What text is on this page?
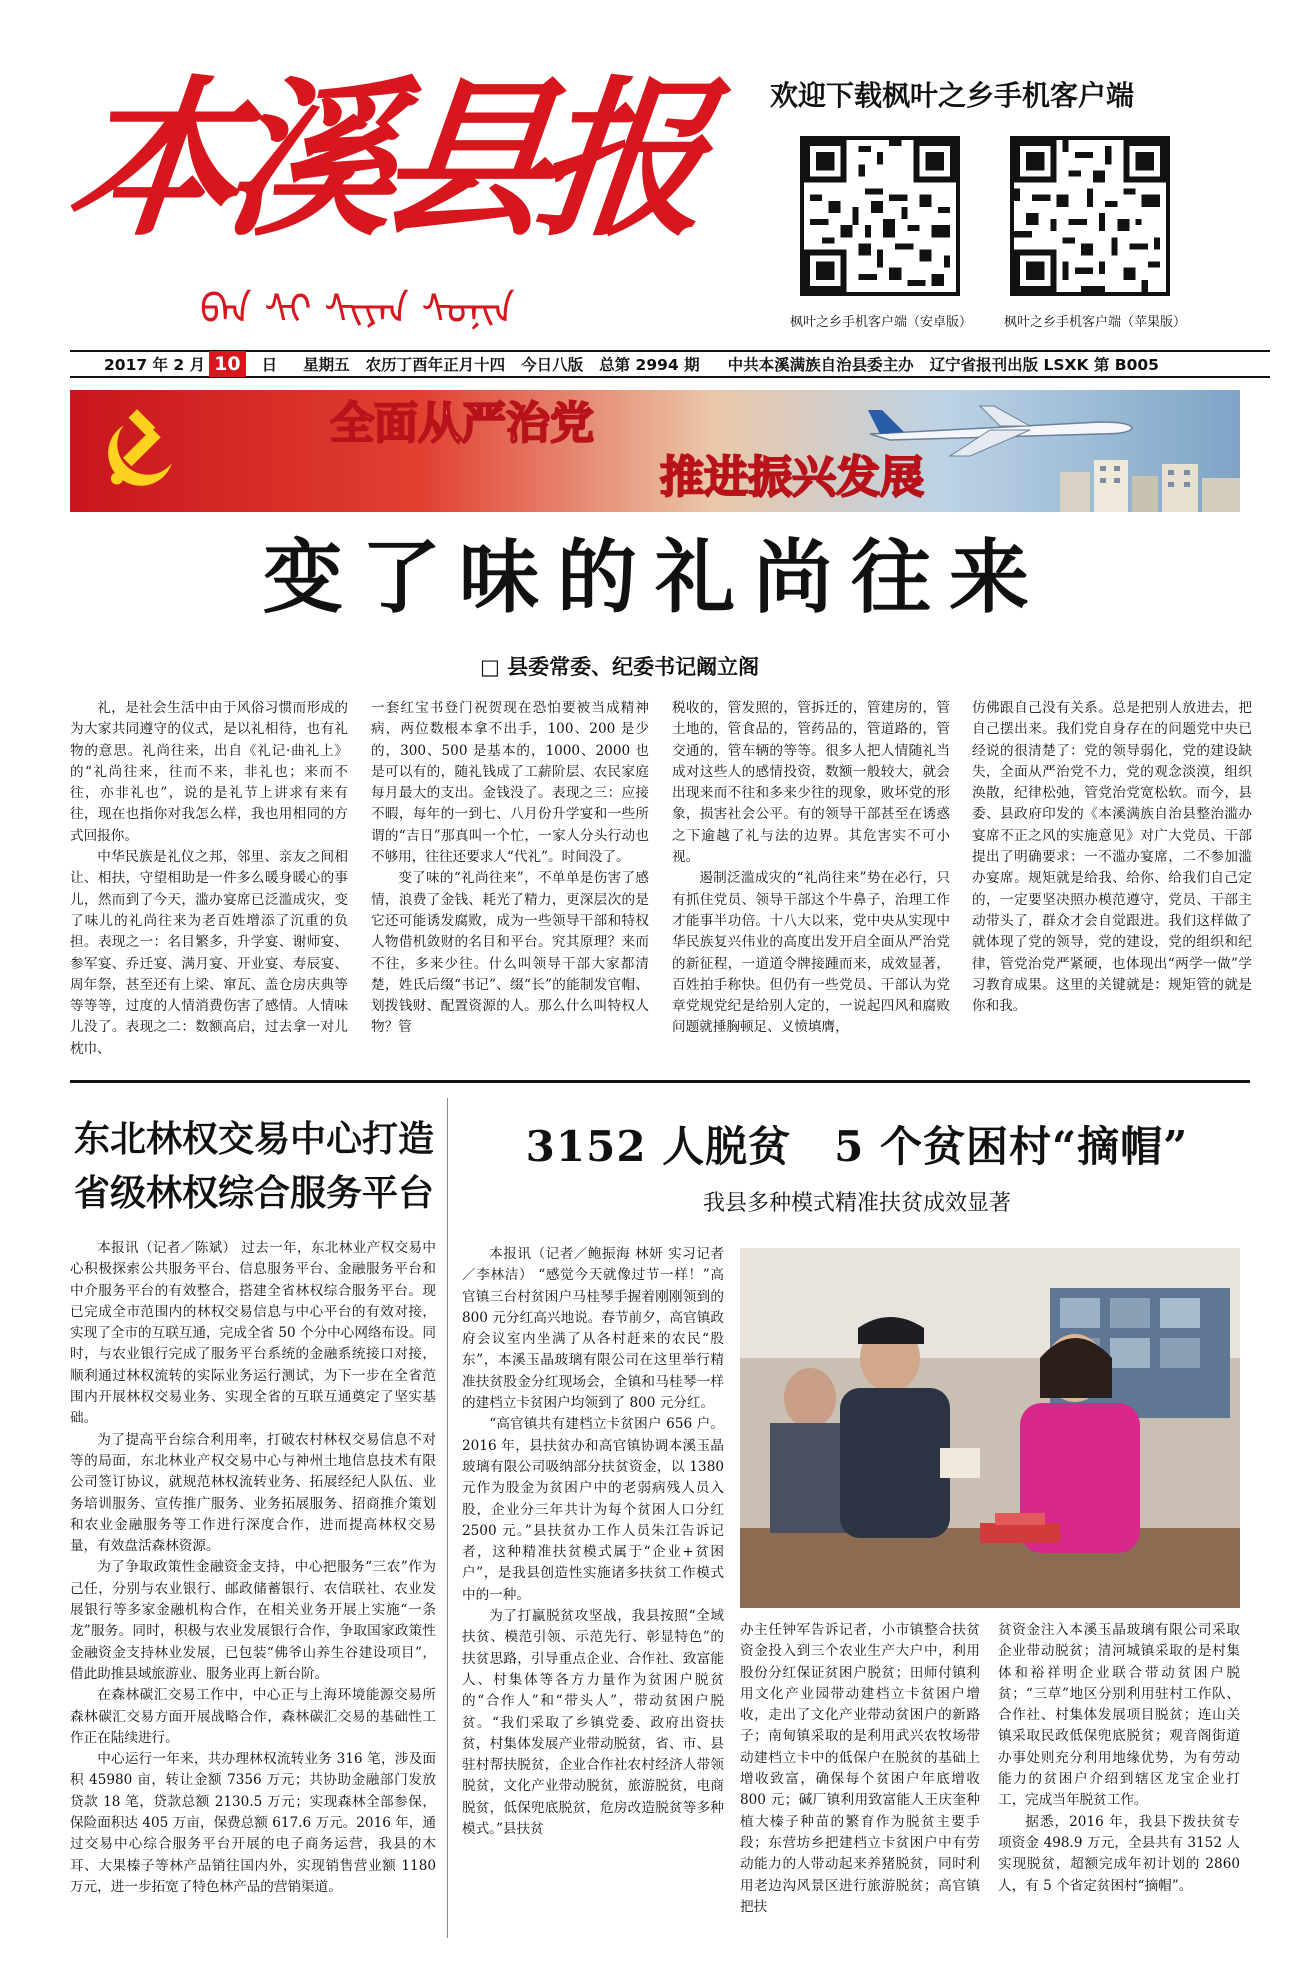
本溪县报
ᠪᠡᠨ ᠰᠢ ᠰᠢᠶᠠᠨ ᠰᠣᠨᠢᠨ
欢迎下载枫叶之乡手机客户端
枫叶之乡手机客户端（安卓版） 枫叶之乡手机客户端（苹果版）
2017 年 2 月 10	日 星期五 农历丁酉年正月十四 今日八版 总第 2994 期 中共本溪满族自治县委主办 辽宁省报刊出版 LSXK 第 B005
全面从严治党
推进振兴发展
变了味的礼尚往来
□ 县委常委、纪委书记阚立阁

礼，是社会生活中由于风俗习惯而形成的为大家共同遵守的仪式，是以礼相待，也有礼物的意思。礼尚往来，出自《礼记·曲礼上》的“礼尚往来，往而不来，非礼也；来而不往，亦非礼也”，说的是礼节上讲求有来有往，现在也指你对我怎么样，我也用相同的方式回报你。

中华民族是礼仪之邦，邻里、亲友之间相让、相扶，守望相助是一件多么暖身暖心的事儿，然而到了今天，滥办宴席已泛滥成灾，变了味儿的礼尚往来为老百姓增添了沉重的负担。表现之一：名目繁多，升学宴、谢师宴、参军宴、乔迁宴、满月宴、开业宴、寿辰宴、周年祭，甚至还有上梁、窜瓦、盖仓房庆典等等等等，过度的人情消费伤害了感情。人情味儿没了。表现之二：数额高启，过去拿一对儿枕巾、

一套红宝书登门祝贺现在恐怕要被当成精神病，两位数根本拿不出手，100、200 是少的，300、500 是基本的，1000、2000 也是可以有的，随礼钱成了工薪阶层、农民家庭每月最大的支出。金钱没了。表现之三：应接不暇，每年的一到七、八月份升学宴和一些所谓的“吉日”那真叫一个忙，一家人分头行动也不够用，往往还要求人“代礼”。时间没了。

变了味的“礼尚往来”，不单单是伤害了感情，浪费了金钱、耗光了精力，更深层次的是它还可能诱发腐败，成为一些领导干部和特权人物借机敛财的名目和平台。究其原理？来而不往，多来少往。什么叫领导干部大家都清楚，姓氏后缀“书记”、缀“长”的能制发官帽、划拨钱财、配置资源的人。那么什么叫特权人物？管

税收的，管发照的，管拆迁的，管建房的，管土地的，管食品的，管药品的，管道路的，管交通的，管车辆的等等。很多人把人情随礼当成对这些人的感情投资，数额一般较大，就会出现来而不往和多来少往的现象，败坏党的形象，损害社会公平。有的领导干部甚至在诱惑之下逾越了礼与法的边界。其危害实不可小视。

遏制泛滥成灾的“礼尚往来”势在必行，只有抓住党员、领导干部这个牛鼻子，治理工作才能事半功倍。十八大以来，党中央从实现中华民族复兴伟业的高度出发开启全面从严治党的新征程，一道道令牌接踵而来，成效显著，百姓拍手称快。但仍有一些党员、干部认为党章党规党纪是给别人定的，一说起四风和腐败问题就捶胸顿足、义愤填膺，

仿佛跟自己没有关系。总是把别人放进去，把自己摆出来。我们党自身存在的问题党中央已经说的很清楚了：党的领导弱化，党的建设缺失，全面从严治党不力，党的观念淡漠，组织涣散，纪律松弛，管党治党宽松软。而今，县委、县政府印发的《本溪满族自治县整治滥办宴席不正之风的实施意见》对广大党员、干部提出了明确要求：一不滥办宴席，二不参加滥办宴席。规矩就是给我、给你、给我们自己定的，一定要坚决照办模范遵守，党员、干部主动带头了，群众才会自觉跟进。我们这样做了就体现了党的领导，党的建设，党的组织和纪律，管党治党严紧硬，也体现出“两学一做”学习教育成果。这里的关键就是：规矩管的就是你和我。

东北林权交易中心打造省级林权综合服务平台

本报讯（记者／陈斌） 过去一年，东北林业产权交易中心积极探索公共服务平台、信息服务平台、金融服务平台和中介服务平台的有效整合，搭建全省林权综合服务平台。现已完成全市范围内的林权交易信息与中心平台的有效对接，实现了全市的互联互通，完成全省 50 个分中心网络布设。同时，与农业银行完成了服务平台系统的金融系统接口对接，顺利通过林权流转的实际业务运行测试，为下一步在全省范围内开展林权交易业务、实现全省的互联互通奠定了坚实基础。

为了提高平台综合利用率，打破农村林权交易信息不对等的局面，东北林业产权交易中心与神州土地信息技术有限公司签订协议，就规范林权流转业务、拓展经纪人队伍、业务培训服务、宣传推广服务、业务拓展服务、招商推介策划和农业金融服务等工作进行深度合作，进而提高林权交易量，有效盘活森林资源。

为了争取政策性金融资金支持，中心把服务“三农”作为己任，分别与农业银行、邮政储蓄银行、农信联社、农业发展银行等多家金融机构合作，在相关业务开展上实施“一条龙”服务。同时，积极与农业发展银行合作，争取国家政策性金融资金支持林业发展，已包装“佛爷山养生谷建设项目”，借此助推县域旅游业、服务业再上新台阶。

在森林碳汇交易工作中，中心正与上海环境能源交易所森林碳汇交易方面开展战略合作，森林碳汇交易的基础性工作正在陆续进行。

中心运行一年来，共办理林权流转业务 316 笔，涉及面积 45980 亩，转让金额 7356 万元；共协助金融部门发放贷款 18 笔，贷款总额 2130.5 万元；实现森林全部参保，保险面积达 405 万亩，保费总额 617.6 万元。2016 年，通过交易中心综合服务平台开展的电子商务运营，我县的木耳、大果榛子等林产品销往国内外，实现销售营业额 1180 万元，进一步拓宽了特色林产品的营销渠道。

3152 人脱贫　5 个贫困村“摘帽”
我县多种模式精准扶贫成效显著

本报讯（记者／鲍振海 林妍 实习记者／李林洁） “感觉今天就像过节一样！”高官镇三台村贫困户马桂琴手握着刚刚领到的 800 元分红高兴地说。春节前夕，高官镇政府会议室内坐满了从各村赶来的农民“股东”，本溪玉晶玻璃有限公司在这里举行精准扶贫股金分红现场会，全镇和马桂琴一样的建档立卡贫困户均领到了 800 元分红。

“高官镇共有建档立卡贫困户 656 户。2016 年，县扶贫办和高官镇协调本溪玉晶玻璃有限公司吸纳部分扶贫资金，以 1380 元作为股金为贫困户中的老弱病残人员入股，企业分三年共计为每个贫困人口分红 2500 元。”县扶贫办工作人员朱江告诉记者，这种精准扶贫模式属于“企业+贫困户”，是我县创造性实施诸多扶贫工作模式中的一种。

为了打赢脱贫攻坚战，我县按照“全域扶贫、模范引领、示范先行、彰显特色”的扶贫思路，引导重点企业、合作社、致富能人、村集体等各方力量作为贫困户脱贫的“合作人”和“带头人”，带动贫困户脱贫。“我们采取了乡镇党委、政府出资扶贫，村集体发展产业带动脱贫，省、市、县驻村帮扶脱贫，企业合作社农村经济人带领脱贫，文化产业带动脱贫，旅游脱贫，电商脱贫，低保兜底脱贫，危房改造脱贫等多种模式。”县扶贫

办主任钟军告诉记者，小市镇整合扶贫资金投入到三个农业生产大户中，利用股份分红保证贫困户脱贫；田师付镇利用文化产业园带动建档立卡贫困户增收，走出了文化产业带动贫困户的新路子；南甸镇采取的是利用武兴农牧场带动建档立卡中的低保户在脱贫的基础上增收致富，确保每个贫困户年底增收 800 元；碱厂镇利用致富能人王庆奎种植大榛子种苗的繁育作为脱贫主要手段；东营坊乡把建档立卡贫困户中有劳动能力的人带动起来养猪脱贫，同时利用老边沟风景区进行旅游脱贫；高官镇把扶

贫资金注入本溪玉晶玻璃有限公司采取企业带动脱贫；清河城镇采取的是村集体和裕祥明企业联合带动贫困户脱贫；“三草”地区分别利用驻村工作队、合作社、村集体发展项目脱贫；连山关镇采取民政低保兜底脱贫；观音阁街道办事处则充分利用地缘优势，为有劳动能力的贫困户介绍到辖区龙宝企业打工，完成当年脱贫工作。

据悉，2016 年，我县下拨扶贫专项资金 498.9 万元，全县共有 3152 人实现脱贫，超额完成年初计划的 2860 人，有 5 个省定贫困村“摘帽”。
